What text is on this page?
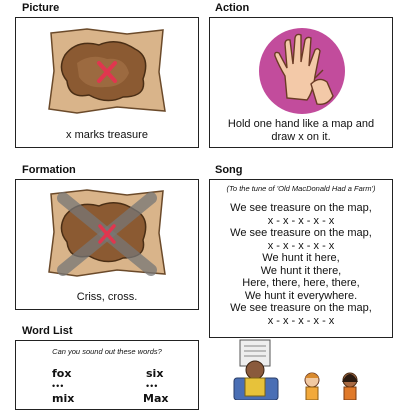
Picture
x marks treasure
Action
Hold one hand like a map and draw x on it.
Formation
Criss, cross.
Song
(To the tune of 'Old MacDonald Had a Farm')

We see treasure on the map,

x - x - x - x - x

We see treasure on the map,

x - x - x - x - x

We hunt it here,

We hunt it there,

Here, there, here, there,

We hunt it everywhere.

We see treasure on the map,

x - x - x - x - x

Word List
Can you sound out these words?
fox
•••
six
•••
mix	Max
